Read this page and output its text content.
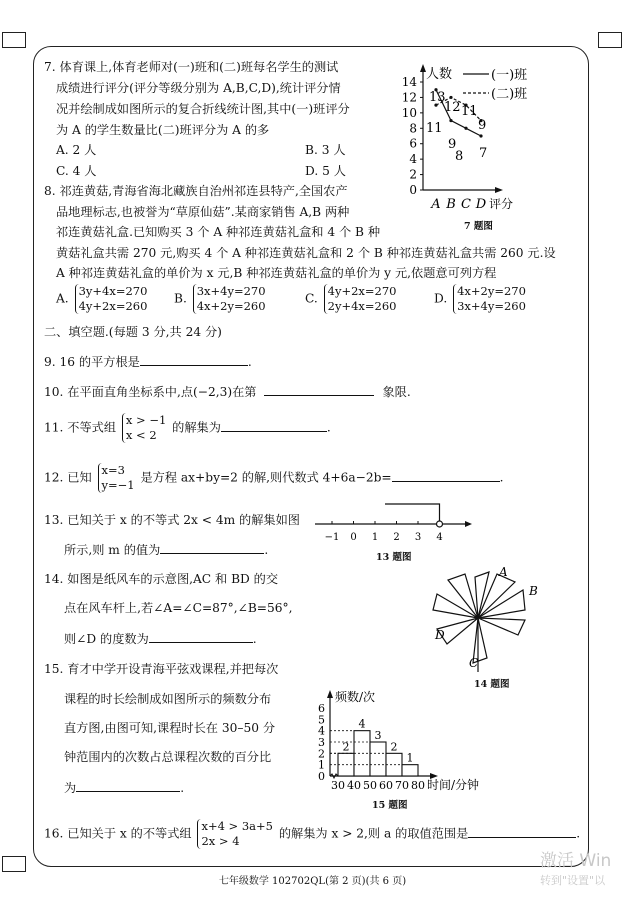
7. 体育课上,体育老师对(一)班和(二)班每名学生的测试
成绩进行评分(评分等级分别为 A,B,C,D),统计评分情
况并绘制成如图所示的复合折线统计图,其中(一)班评分
为 A 的学生数量比(二)班评分为 A 的多
A. 2 人	B. 3 人
C. 4 人	D. 5 人
人数
0
2
4
6
8
10
12
14
A B C D 评分
13
9
8 7
11
12 11
9
(一)班
(二)班
7 题图
8. 祁连黄菇,青海省海北藏族自治州祁连县特产,全国农产
品地理标志,也被誉为“草原仙菇”.某商家销售 A,B 两种
祁连黄菇礼盒.已知购买 3 个 A 种祁连黄菇礼盒和 4 个 B 种
黄菇礼盒共需 270 元,购买 4 个 A 种祁连黄菇礼盒和 2 个 B 种祁连黄菇礼盒共需 260 元.设
A 种祁连黄菇礼盒的单价为 x 元,B 种祁连黄菇礼盒的单价为 y 元,依题意可列方程
A.
3y+4x=270
4y+2x=260
B.
3x+4y=270
4x+2y=260
C.
4y+2x=270
2y+4x=260
D.
4x+2y=270
3x+4y=260
二、填空题.(每题 3 分,共 24 分)
9. 16 的平方根是	.
10. 在平面直角坐标系中,点(−2,3)在第	象限.
11. 不等式组
x > −1
x < 2
的解集为	.
12. 已知
x=3
y=−1
是方程 ax+by=2 的解,则代数式 4+6a−2b=	.
13. 已知关于 x 的不等式 2x < 4m 的解集如图
所示,则 m 的值为	.
−1 0 1 2 3 4
13 题图
14. 如图是纸风车的示意图,AC 和 BD 的交
点在风车杆上,若∠A=∠C=87°,∠B=56°,
则∠D 的度数为	.
A
B
C
D
14 题图
15. 育才中学开设青海平弦戏课程,并把每次
课程的时长绘制成如图所示的频数分布
直方图,由图可知,课程时长在 30–50 分
钟范围内的次数占总课程次数的百分比
为	.
频数/次
0
1
2
3
4
5
6
2
4
3
2
1
30 40 50 60 70 80 时间/分钟
15 题图
16. 已知关于 x 的不等式组
x+4 > 3a+5
2x > 4
的解集为 x > 2,则 a 的取值范围是	.
七年级数学 102702QL(第 2 页)(共 6 页)
激活 Win
转到"设置"以
